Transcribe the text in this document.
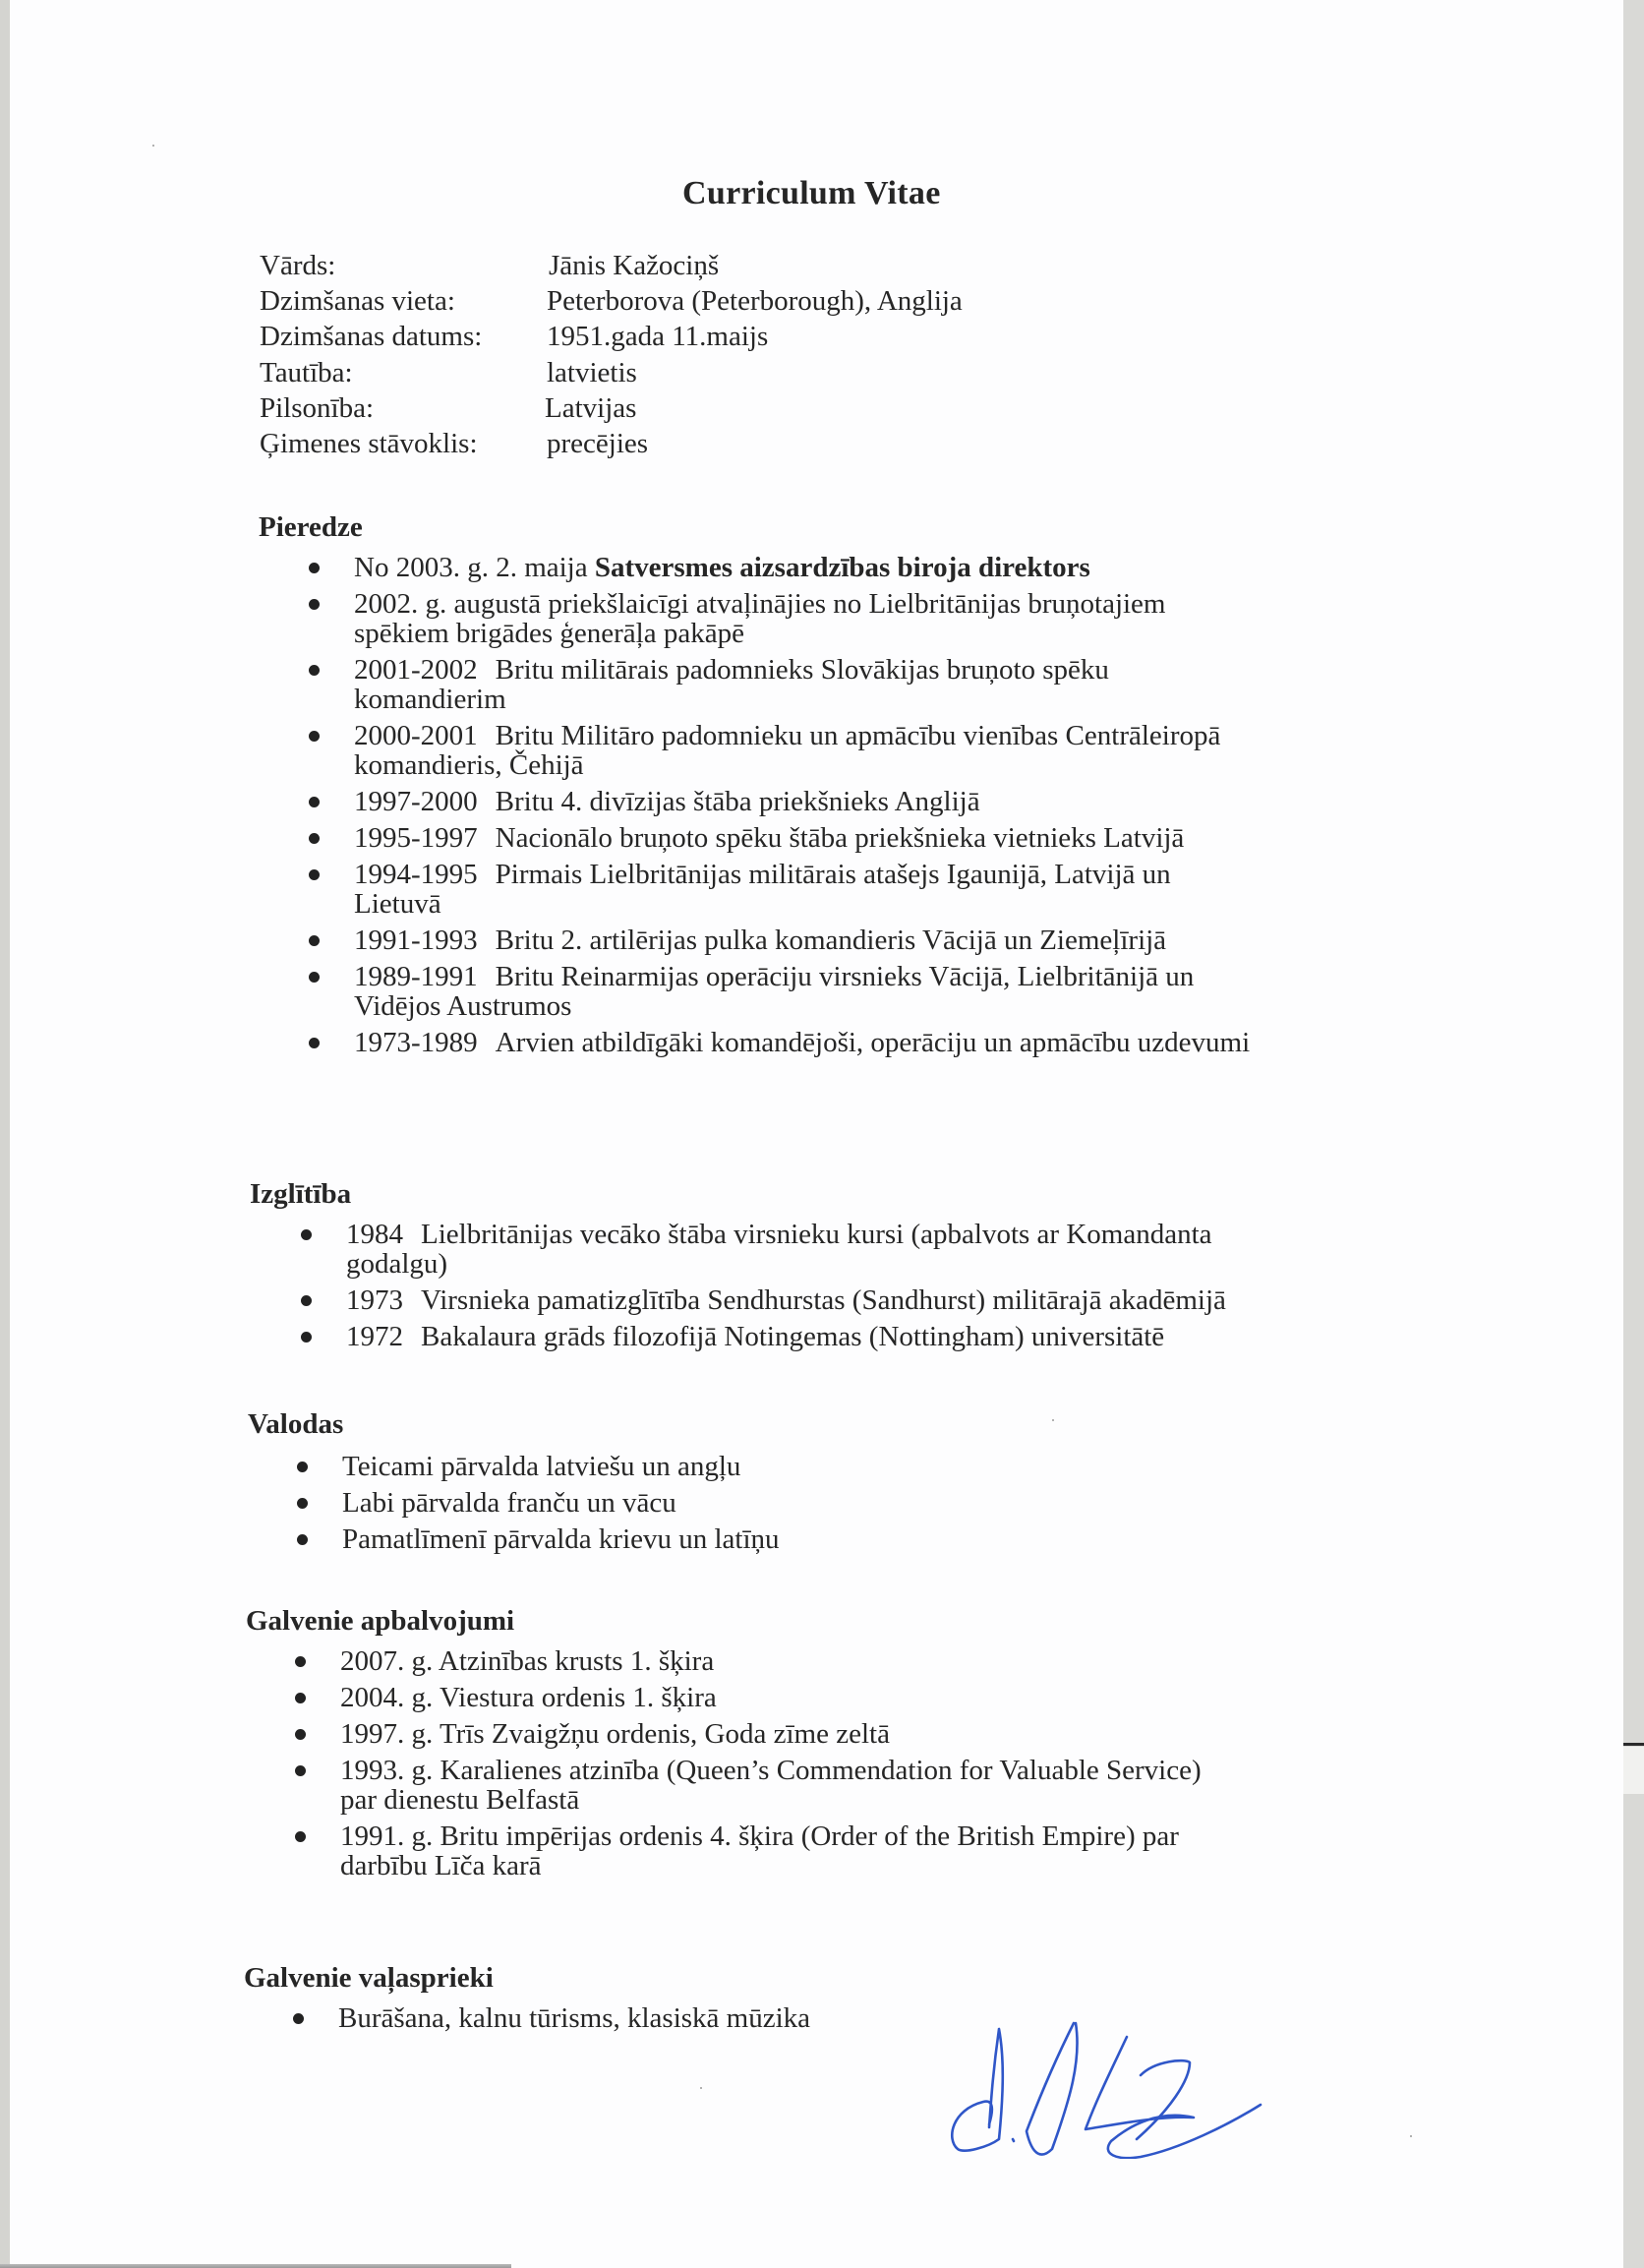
Curriculum Vitae
Vārds:	Jānis Kažociņš
Dzimšanas vieta:	Peterborova (Peterborough), Anglija
Dzimšanas datums: 1951.gada 11.maijs
Tautība:	latvietis
Pilsonība:	Latvijas
Ģimenes stāvoklis: precējies
Pieredze
No 2003. g. 2. maija Satversmes aizsardzības biroja direktors
2002. g. augustā priekšlaicīgi atvaļinājies no Lielbritānijas bruņotajiem
spēkiem brigādes ģenerāļa pakāpē
2001-2002 Britu militārais padomnieks Slovākijas bruņoto spēku
komandierim
2000-2001 Britu Militāro padomnieku un apmācību vienības Centrāleiropā
komandieris, Čehijā
1997-2000 Britu 4. divīzijas štāba priekšnieks Anglijā
1995-1997 Nacionālo bruņoto spēku štāba priekšnieka vietnieks Latvijā
1994-1995 Pirmais Lielbritānijas militārais atašejs Igaunijā, Latvijā un
Lietuvā
1991-1993 Britu 2. artilērijas pulka komandieris Vācijā un Ziemeļīrijā
1989-1991 Britu Reinarmijas operāciju virsnieks Vācijā, Lielbritānijā un
Vidējos Austrumos
1973-1989 Arvien atbildīgāki komandējoši, operāciju un apmācību uzdevumi
Izglītība
1984 Lielbritānijas vecāko štāba virsnieku kursi (apbalvots ar Komandanta
godalgu)
1973 Virsnieka pamatizglītība Sendhurstas (Sandhurst) militārajā akadēmijā
1972 Bakalaura grāds filozofijā Notingemas (Nottingham) universitātē
Valodas
Teicami pārvalda latviešu un angļu
Labi pārvalda franču un vācu
Pamatlīmenī pārvalda krievu un latīņu
Galvenie apbalvojumi
2007. g. Atzinības krusts 1. šķira
2004. g. Viestura ordenis 1. šķira
1997. g. Trīs Zvaigžņu ordenis, Goda zīme zeltā
1993. g. Karalienes atzinība (Queen’s Commendation for Valuable Service)
par dienestu Belfastā
1991. g. Britu impērijas ordenis 4. šķira (Order of the British Empire) par
darbību Līča karā
Galvenie vaļasprieki
Burāšana, kalnu tūrisms, klasiskā mūzika
